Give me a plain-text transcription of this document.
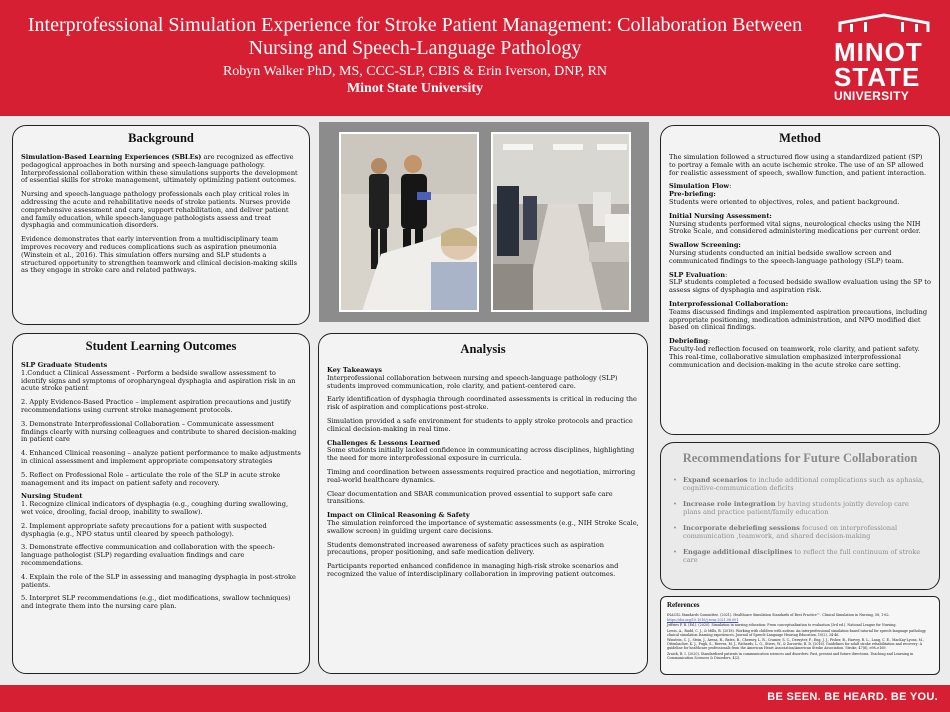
Interprofessional Simulation Experience for Stroke Patient Management: Collaboration Between Nursing and Speech-Language Pathology
Robyn Walker PhD, MS, CCC-SLP, CBIS & Erin Iverson, DNP, RN
Minot State University
MINOT
STATE
UNIVERSITY
Background

Simulation-Based Learning Experiences (SBLEs) are recognized as effective pedagogical approaches in both nursing and speech-language pathology. Interprofessional collaboration within these simulations supports the development of essential skills for stroke management, ultimately optimizing patient outcomes.

Nursing and speech-language pathology professionals each play critical roles in addressing the acute and rehabilitative needs of stroke patients. Nurses provide comprehensive assessment and care, support rehabilitation, and deliver patient and family education, while speech-language pathologists assess and treat dysphagia and communication disorders.

Evidence demonstrates that early intervention from a multidisciplinary team improves recovery and reduces complications such as aspiration pneumonia (Winstein et al., 2016). This simulation offers nursing and SLP students a structured opportunity to strengthen teamwork and clinical decision-making skills as they engage in stroke care and related pathways.

Student Learning Outcomes
SLP Graduate Students
1.Conduct a Clinical Assessment - Perform a bedside swallow assessment to identify signs and symptoms of oropharyngeal dysphagia and aspiration risk in an acute stroke patient
2. Apply Evidence-Based Practice – implement aspiration precautions and justify recommendations using current stroke management protocols.
3. Demonstrate Interprofessional Collaboration – Communicate assessment findings clearly with nursing colleagues and contribute to shared decision-making in patient care
4. Enhanced Clinical reasoning – analyze patient performance to make adjustments in clinical assessment and implement appropriate compensatory strategies
5. Reflect on Professional Role – articulate the role of the SLP in acute stroke management and its impact on patient safety and recovery.
Nursing Student
1. Recognize clinical indicators of dysphagia (e.g., coughing during swallowing, wet voice, drooling, facial droop, inability to swallow).
2. Implement appropriate safety precautions for a patient with suspected dysphagia (e.g., NPO status until cleared by speech pathology).
3. Demonstrate effective communication and collaboration with the speech-language pathologist (SLP) regarding evaluation findings and care recommendations.
4. Explain the role of the SLP in assessing and managing dysphagia in post-stroke patients.
5. Interpret SLP recommendations (e.g., diet modifications, swallow techniques) and integrate them into the nursing care plan.
Analysis
Key Takeaways

Interprofessional collaboration between nursing and speech-language pathology (SLP) students improved communication, role clarity, and patient-centered care.

Early identification of dysphagia through coordinated assessments is critical in reducing the risk of aspiration and complications post-stroke.

Simulation provided a safe environment for students to apply stroke protocols and practice clinical decision-making in real time.

Challenges & Lessons Learned

Some students initially lacked confidence in communicating across disciplines, highlighting the need for more interprofessional exposure in curricula.

Timing and coordination between assessments required practice and negotiation, mirroring real-world healthcare dynamics.

Clear documentation and SBAR communication proved essential to support safe care transitions.

Impact on Clinical Reasoning & Safety

The simulation reinforced the importance of systematic assessments (e.g., NIH Stroke Scale, swallow screen) in guiding urgent care decisions.

Students demonstrated increased awareness of safety practices such as aspiration precautions, proper positioning, and safe medication delivery.

Participants reported enhanced confidence in managing high-risk stroke scenarios and recognized the value of interdisciplinary collaboration in improving patient outcomes.

Method

The simulation followed a structured flow using a standardized patient (SP) to portray a female with an acute ischemic stroke. The use of an SP allowed for realistic assessment of speech, swallow function, and patient interaction.

Simulation Flow:
Pre-briefing:
Students were oriented to objectives, roles, and patient background.
Initial Nursing Assessment:

Nursing students performed vital signs, neurological checks using the NIH Stroke Scale, and considered administering medications per current order.

Swallow Screening:

Nursing students conducted an initial bedside swallow screen and communicated findings to the speech-language pathology (SLP) team.

SLP Evaluation:

SLP students completed a focused bedside swallow evaluation using the SP to assess signs of dysphagia and aspiration risk.

Interprofessional Collaboration:

Teams discussed findings and implemented aspiration precautions, including appropriate positioning, medication administration, and NPO modified diet based on clinical findings.

Debriefing:

Faculty-led reflection focused on teamwork, role clarity, and patient safety. This real-time, collaborative simulation emphasized interprofessional communication and decision-making in the acute stroke care setting.

Recommendations for Future Collaboration
• Expand scenarios to include additional complications such as aphasia, cognitive-communication deficits
• Increase role integration by having students jointly develop care plans and practice patient/family education
• Incorporate debriefing sessions focused on interprofessional communication ,teamwork, and shared decision-making
• Engage additional disciplines to reflect the full continuum of stroke care
References
INACSL Standards Committee. (2021). Healthcare Simulation Standards of Best Practice™. Clinical Simulation in Nursing, 58, 1-62.
https://doi.org/10.1016/j.ecns.2021.08.001
Jeffries P. R. (Ed.). (2020). Simulation in nursing education: From conceptualization to evaluation (3rd ed.). National League for Nursing.
Lewis, A., Rudd, C. J., & Mills, B. (2018). Working with children with autism: An interprofessional simulation-based tutorial for speech-language pathology, clinical simulation learning experiences. Journal of Speech-Language Hearing Education, 10(2), 34-46.
Winstein, C. J., Stein, J., Arena, R., Bates, B., Cherney, L. R., Cramer, S. C., Deruyter, F., Eng, J. J., Fisher, B., Harvey, R. L., Lang, C. E., MacKay-Lyons, M., Ottenbacher, K. J., Pugh, S., Reeves, M. J., Richards, L. G., Stiers, W., & Zorowitz, R. D. (2016). Guidelines for adult stroke rehabilitation and recovery: A guideline for healthcare professionals from the American Heart Association/American Stroke Association. Stroke, 47(6), e98–e169.
Zraick, R. I. (2020). Standardized patients in communication sciences and disorders: Past, present and future directions. Teaching and Learning in Communication Sciences & Disorders, 4(2).
BE SEEN. BE HEARD. BE YOU.
